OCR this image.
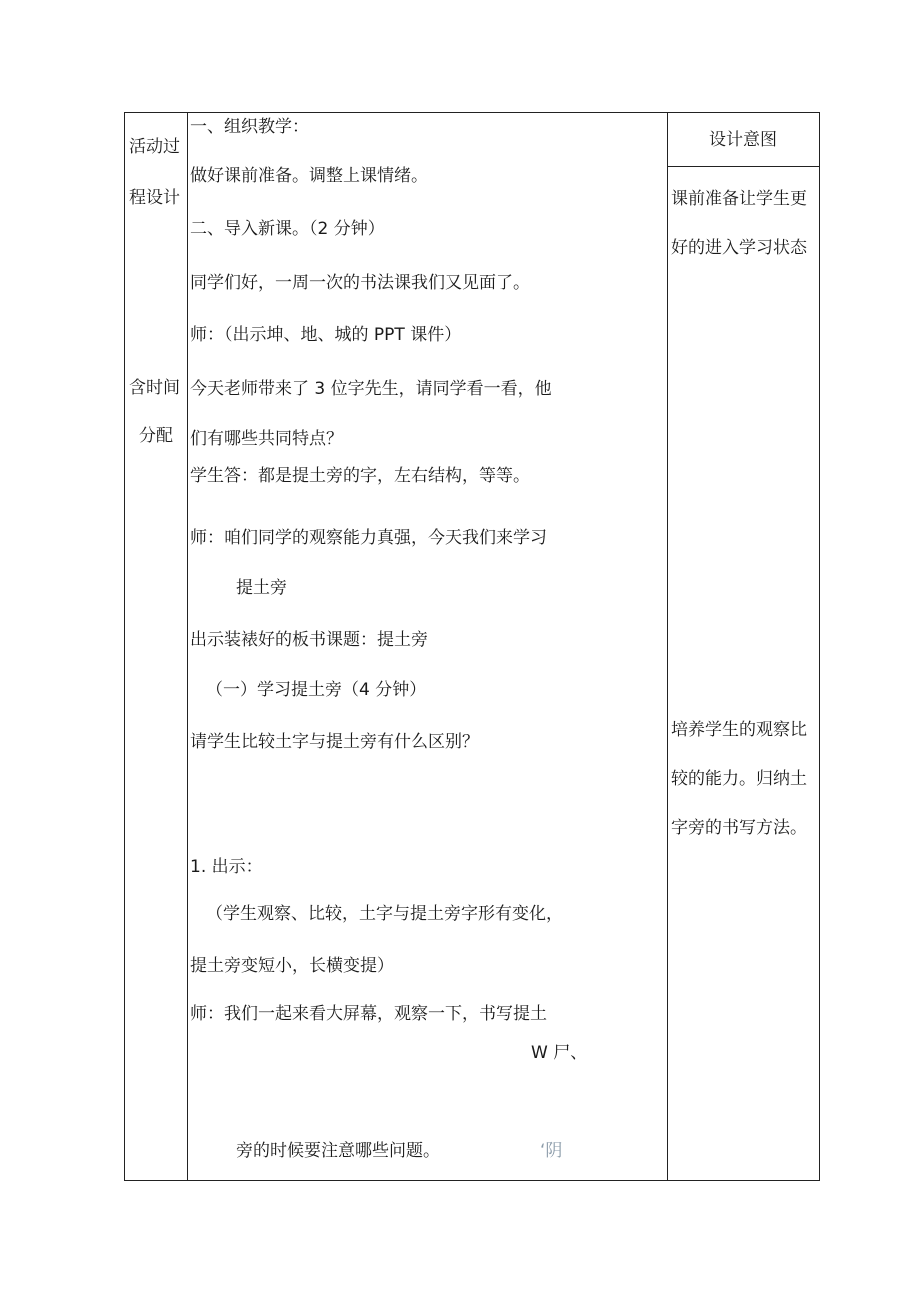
活动过
程设计
含时间
分配
一、组织教学：
做好课前准备。调整上课情绪。
二、导入新课。（2 分钟）
同学们好，一周一次的书法课我们又见面了。
师：（出示坤、地、城的 PPT 课件）
今天老师带来了 3 位字先生，请同学看一看，他
们有哪些共同特点？
学生答：都是提土旁的字，左右结构，等等。
师：咱们同学的观察能力真强，今天我们来学习
提土旁
出示装裱好的板书课题：提土旁
（一）学习提土旁（4 分钟）
请学生比较土字与提土旁有什么区别？
1. 出示：
（学生观察、比较，土字与提土旁字形有变化，
提土旁变短小，长横变提）
师：我们一起来看大屏幕，观察一下，书写提土
W 尸、
旁的时候要注意哪些问题。	‘阴
设计意图
课前准备让学生更
好的进入学习状态
培养学生的观察比
较的能力。归纳土
字旁的书写方法。
